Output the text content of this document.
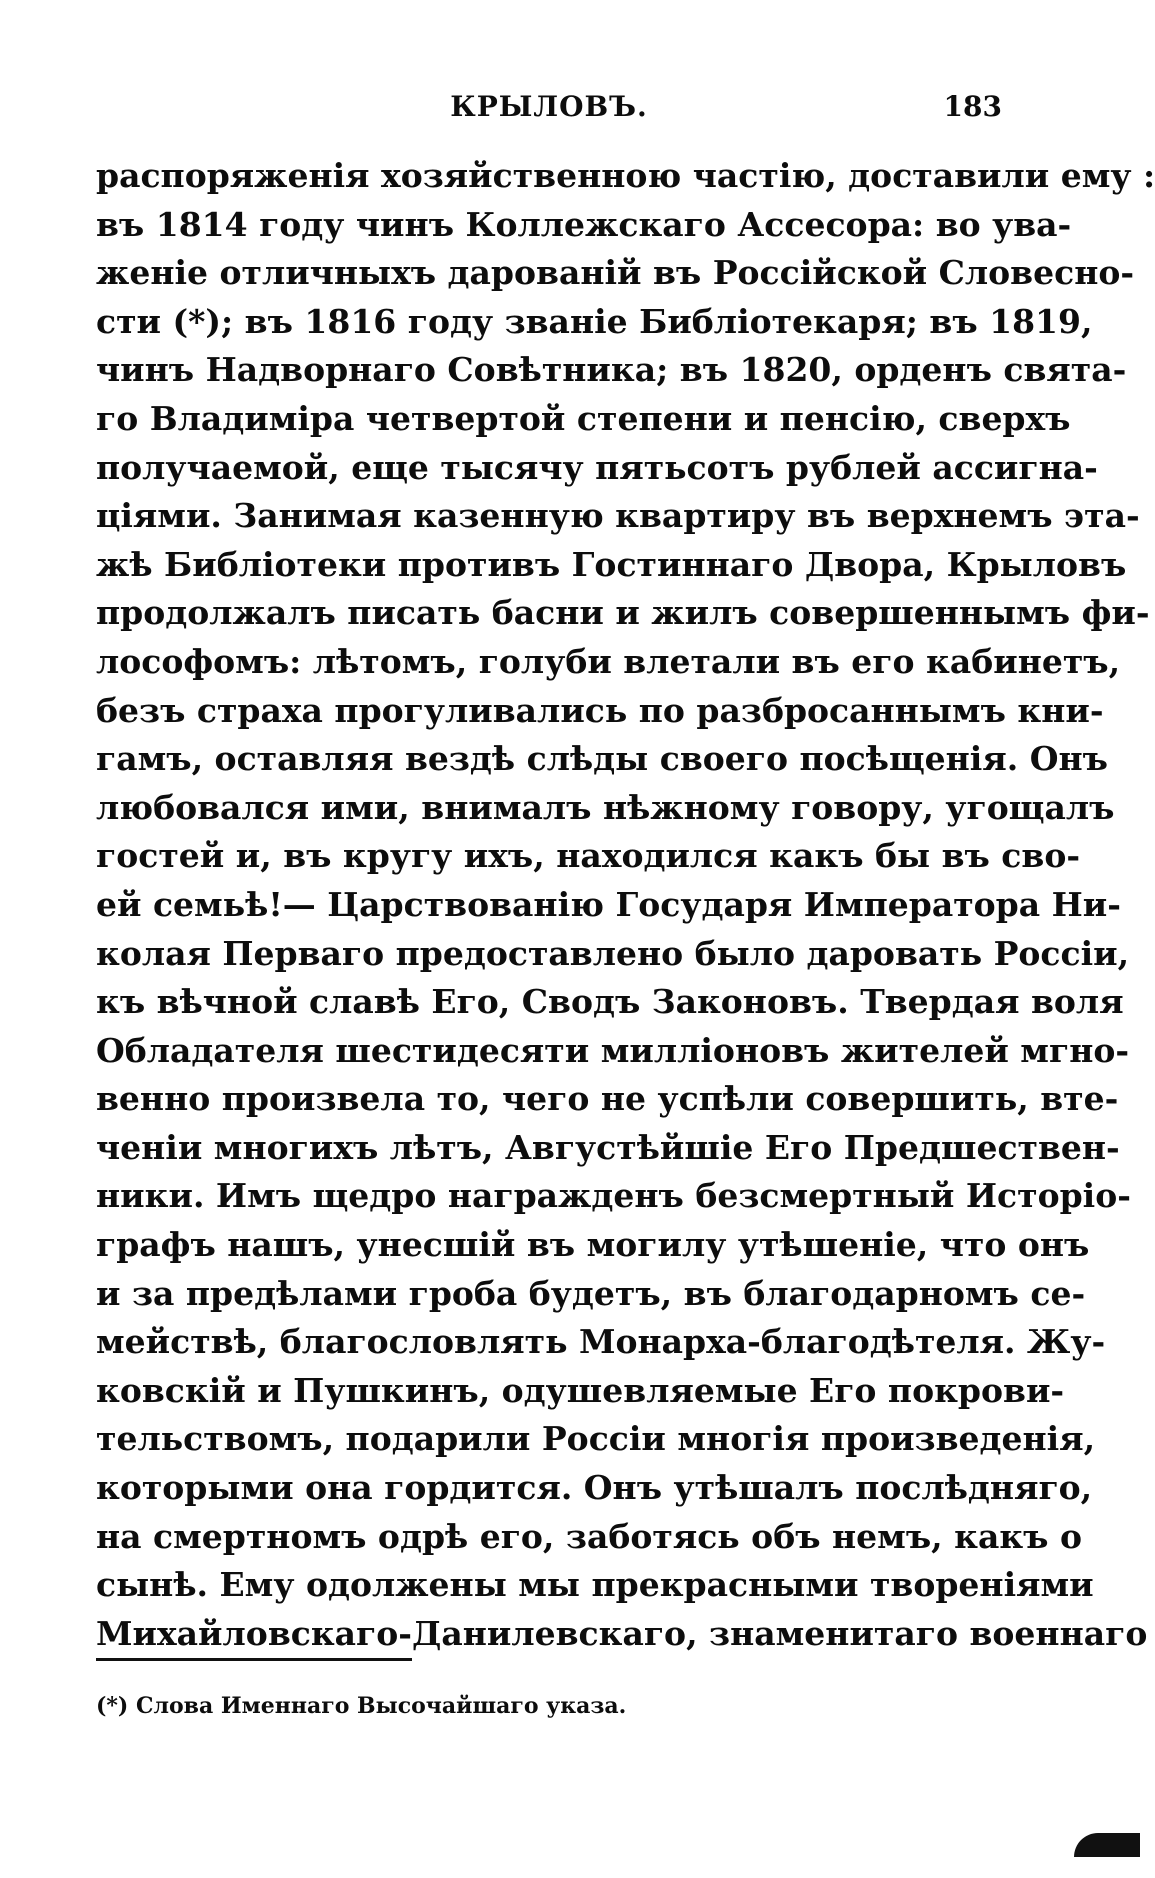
КРЫЛОВЪ.	183
распоряженія хозяйственною частію, доставили ему :
въ 1814 году чинъ Коллежскаго Ассесора: во ува-
женіе отличныхъ дарованій въ Россійской Словесно-
сти (*); въ 1816 году званіе Библіотекаря; въ 1819,
чинъ Надворнаго Совѣтника; въ 1820, орденъ свята-
го Владиміра четвертой степени и пенсію, сверхъ
получаемой, еще тысячу пятьсотъ рублей ассигна-
ціями. Занимая казенную квартиру въ верхнемъ эта-
жѣ Библіотеки противъ Гостиннаго Двора, Крыловъ
продолжалъ писать басни и жилъ совершеннымъ фи-
лософомъ: лѣтомъ, голуби влетали въ его кабинетъ,
безъ страха прогуливались по разбросаннымъ кни-
гамъ, оставляя вездѣ слѣды своего посѣщенія. Онъ
любовался ими, внималъ нѣжному говору, угощалъ
гостей и, въ кругу ихъ, находился какъ бы въ сво-
ей семьѣ!— Царствованію Государя Императора Ни-
колая Перваго предоставлено было даровать Россіи,
къ вѣчной славѣ Его, Сводъ Законовъ. Твердая воля
Обладателя шестидесяти милліоновъ жителей мгно-
венно произвела то, чего не успѣли совершить, вте-
ченіи многихъ лѣтъ, Августѣйшіе Его Предшествен-
ники. Имъ щедро награжденъ безсмертный Исторіо-
графъ нашъ, унесшій въ могилу утѣшеніе, что онъ
и за предѣлами гроба будетъ, въ благодарномъ се-
мействѣ, благословлять Монарха-благодѣтеля. Жу-
ковскій и Пушкинъ, одушевляемые Его покрови-
тельствомъ, подарили Россіи многія произведенія,
которыми она гордится. Онъ утѣшалъ послѣдняго,
на смертномъ одрѣ его, заботясь объ немъ, какъ о
сынѣ. Ему одолжены мы прекрасными твореніями
Михайловскаго-Данилевскаго, знаменитаго военнаго
(*) Слова Именнаго Высочайшаго указа.
